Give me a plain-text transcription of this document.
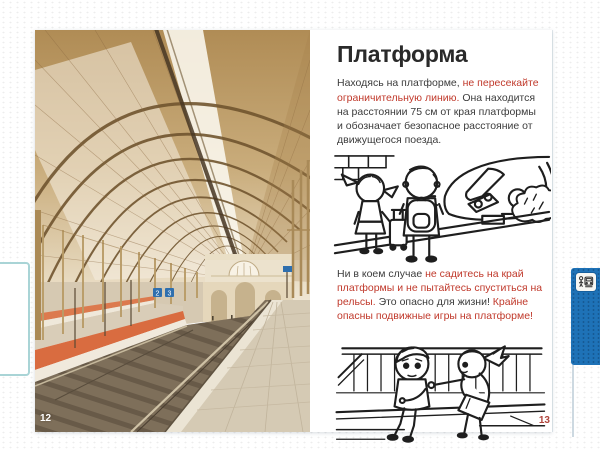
2 3
12
Платформа

Находясь на платформе, не пересекайте ограничительную линию. Она находится на расстоянии 75 см от края платформы и обозначает безопасное расстояние от движущегося поезда.

Ни в коем случае не садитесь на край платформы и не пытайтесь спуститься на рельсы. Это опасно для жизни! Крайне опасны подвижные игры на платформе!

13
